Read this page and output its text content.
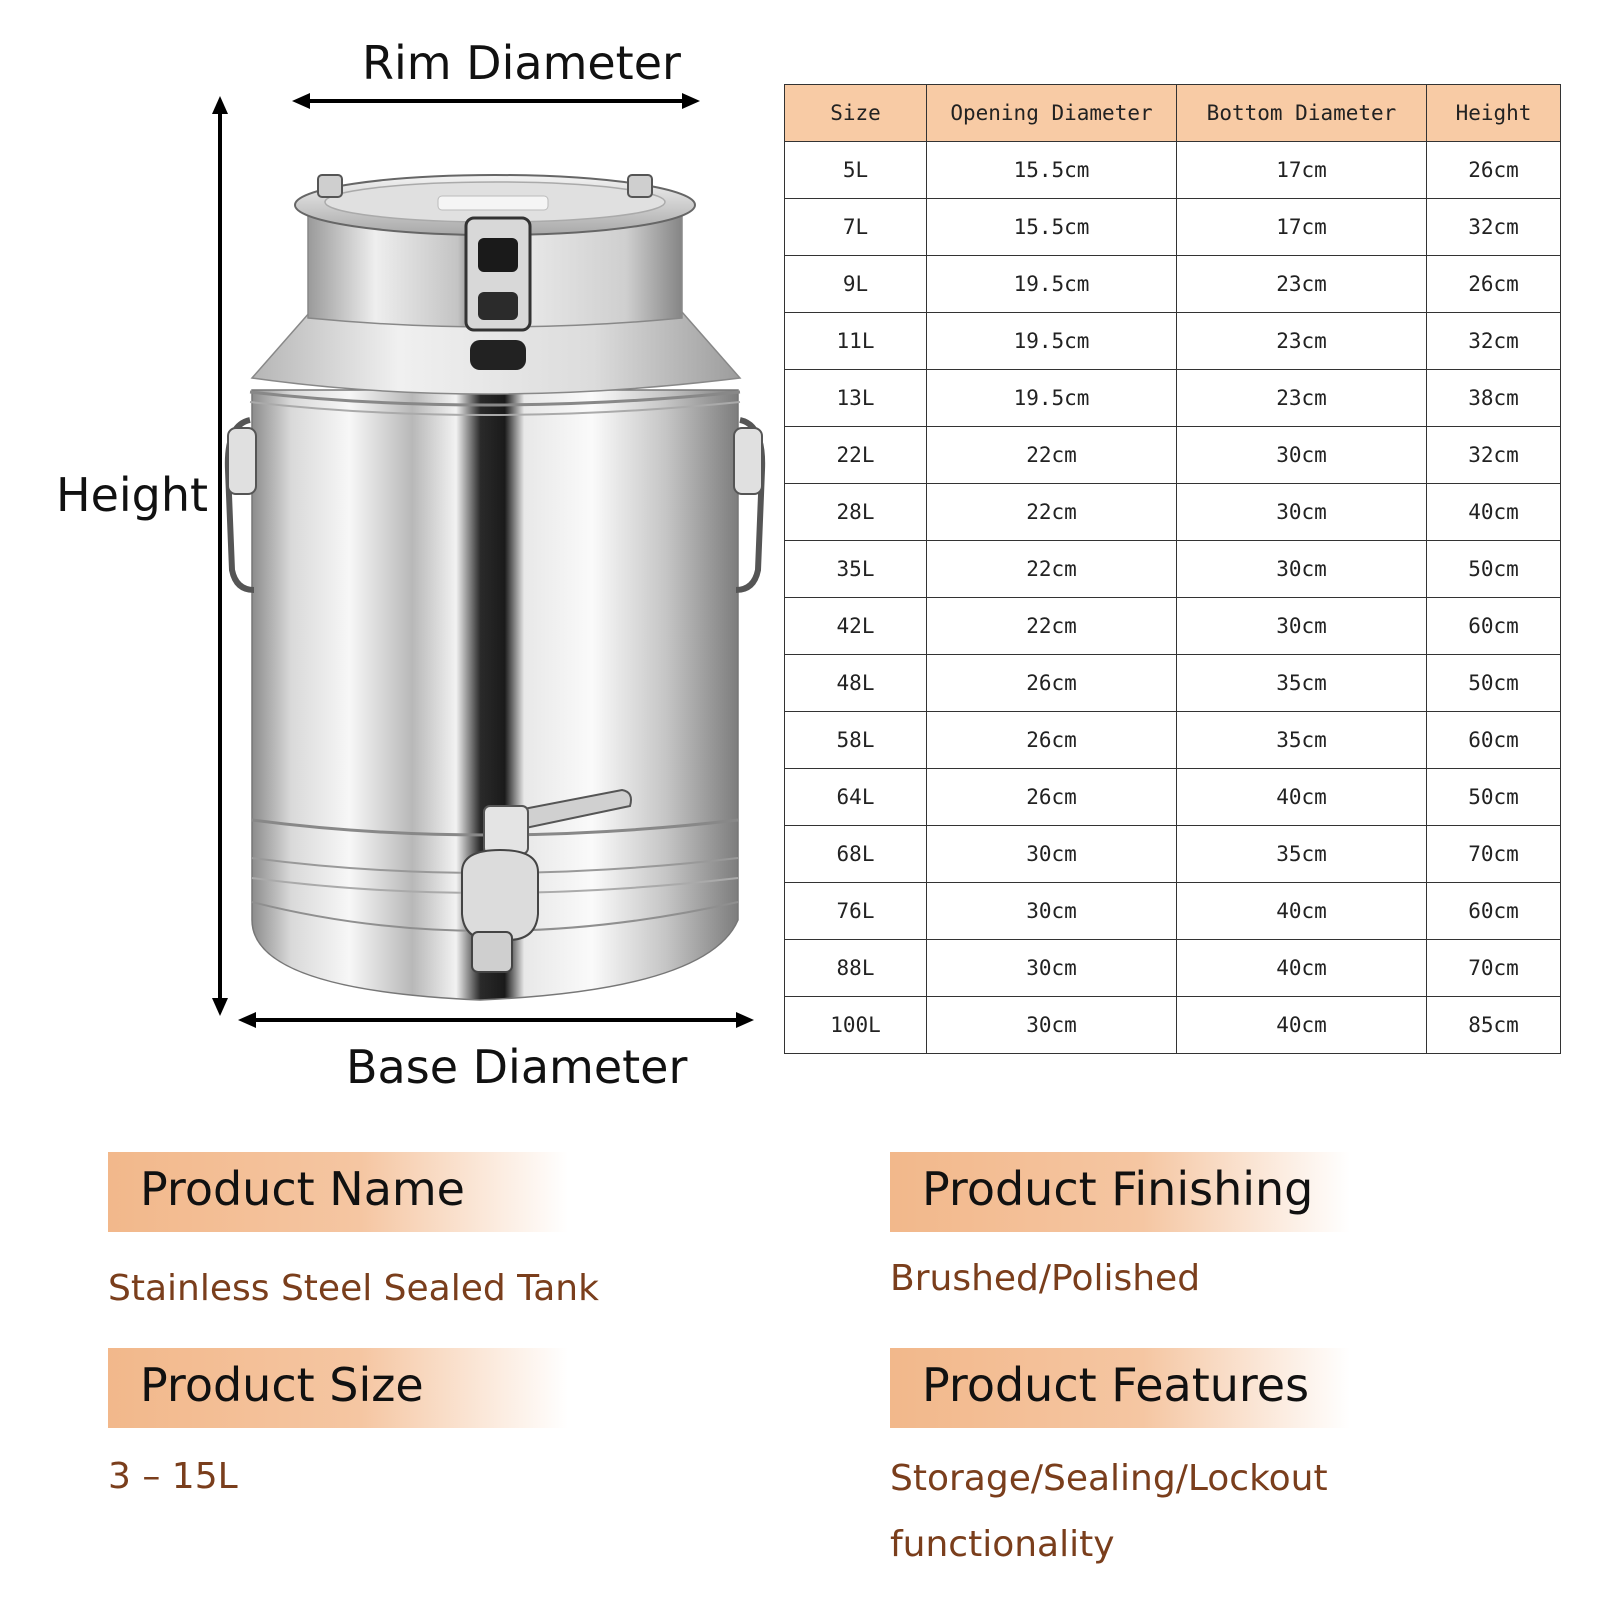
Rim Diameter
Height
Base Diameter
Size	Opening Diameter	Bottom Diameter	Height
5L	15.5cm	17cm	26cm
7L	15.5cm	17cm	32cm
9L	19.5cm	23cm	26cm
11L	19.5cm	23cm	32cm
13L	19.5cm	23cm	38cm
22L	22cm	30cm	32cm
28L	22cm	30cm	40cm
35L	22cm	30cm	50cm
42L	22cm	30cm	60cm
48L	26cm	35cm	50cm
58L	26cm	35cm	60cm
64L	26cm	40cm	50cm
68L	30cm	35cm	70cm
76L	30cm	40cm	60cm
88L	30cm	40cm	70cm
100L	30cm	40cm	85cm
Product Name
Stainless Steel Sealed Tank
Product Size
3 – 15L
Product Finishing
Brushed/Polished
Product Features
Storage/Sealing/Lockout
functionality
